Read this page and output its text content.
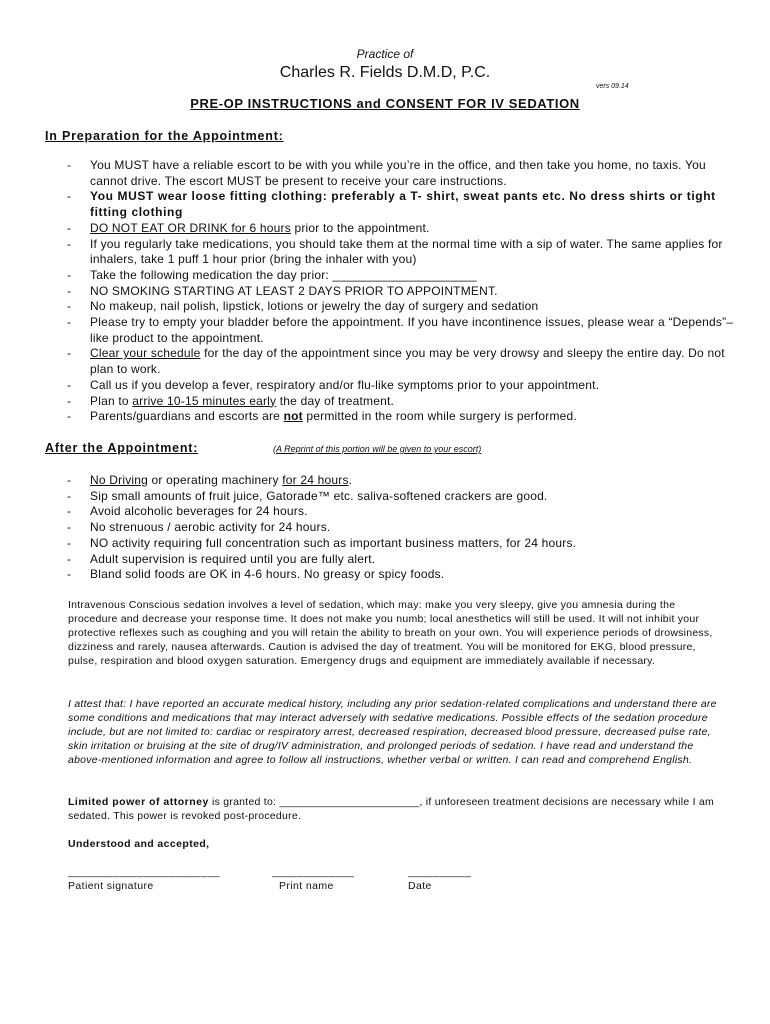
Practice of
Charles R. Fields D.M.D, P.C.
vers 09.14
PRE-OP INSTRUCTIONS and CONSENT FOR IV SEDATION
In Preparation for the Appointment:
- You MUST have a reliable escort to be with you while you’re in the office, and then take you home, no taxis. You cannot drive. The escort MUST be present to receive your care instructions.
- You MUST wear loose fitting clothing: preferably a T- shirt, sweat pants etc. No dress shirts or tight fitting clothing
- DO NOT EAT OR DRINK for 6 hours prior to the appointment.
- If you regularly take medications, you should take them at the normal time with a sip of water. The same applies for inhalers, take 1 puff 1 hour prior (bring the inhaler with you)
- Take the following medication the day prior: _____________________
- NO SMOKING STARTING AT LEAST 2 DAYS PRIOR TO APPOINTMENT.
- No makeup, nail polish, lipstick, lotions or jewelry the day of surgery and sedation
- Please try to empty your bladder before the appointment. If you have incontinence issues, please wear a “Depends”–like product to the appointment.
- Clear your schedule for the day of the appointment since you may be very drowsy and sleepy the entire day. Do not plan to work.
- Call us if you develop a fever, respiratory and/or flu-like symptoms prior to your appointment.
- Plan to arrive 10-15 minutes early the day of treatment.
- Parents/guardians and escorts are not permitted in the room while surgery is performed.
After the Appointment:	(A Reprint of this portion will be given to your escort)
- No Driving or operating machinery for 24 hours.
- Sip small amounts of fruit juice, Gatorade™ etc. saliva-softened crackers are good.
- Avoid alcoholic beverages for 24 hours.
- No strenuous / aerobic activity for 24 hours.
- NO activity requiring full concentration such as important business matters, for 24 hours.
- Adult supervision is required until you are fully alert.
- Bland solid foods are OK in 4-6 hours. No greasy or spicy foods.

Intravenous Conscious sedation involves a level of sedation, which may: make you very sleepy, give you amnesia during the procedure and decrease your response time. It does not make you numb; local anesthetics will still be used. It will not inhibit your protective reflexes such as coughing and you will retain the ability to breath on your own. You will experience periods of drowsiness, dizziness and rarely, nausea afterwards. Caution is advised the day of treatment. You will be monitored for EKG, blood pressure, pulse, respiration and blood oxygen saturation. Emergency drugs and equipment are immediately available if necessary.

I attest that: I have reported an accurate medical history, including any prior sedation-related complications and understand there are some conditions and medications that may interact adversely with sedative medications. Possible effects of the sedation procedure include, but are not limited to: cardiac or respiratory arrest, decreased respiration, decreased blood pressure, decreased pulse rate, skin irritation or bruising at the site of drug/IV administration, and prolonged periods of sedation. I have read and understand the above-mentioned information and agree to follow all instructions, whether verbal or written. I can read and comprehend English.

Limited power of attorney is granted to: _______________________, if unforeseen treatment decisions are necessary while I am sedated. This power is revoked post-procedure.

Understood and accepted,
________________________	_____________	__________
Patient signature	Print name	Date
